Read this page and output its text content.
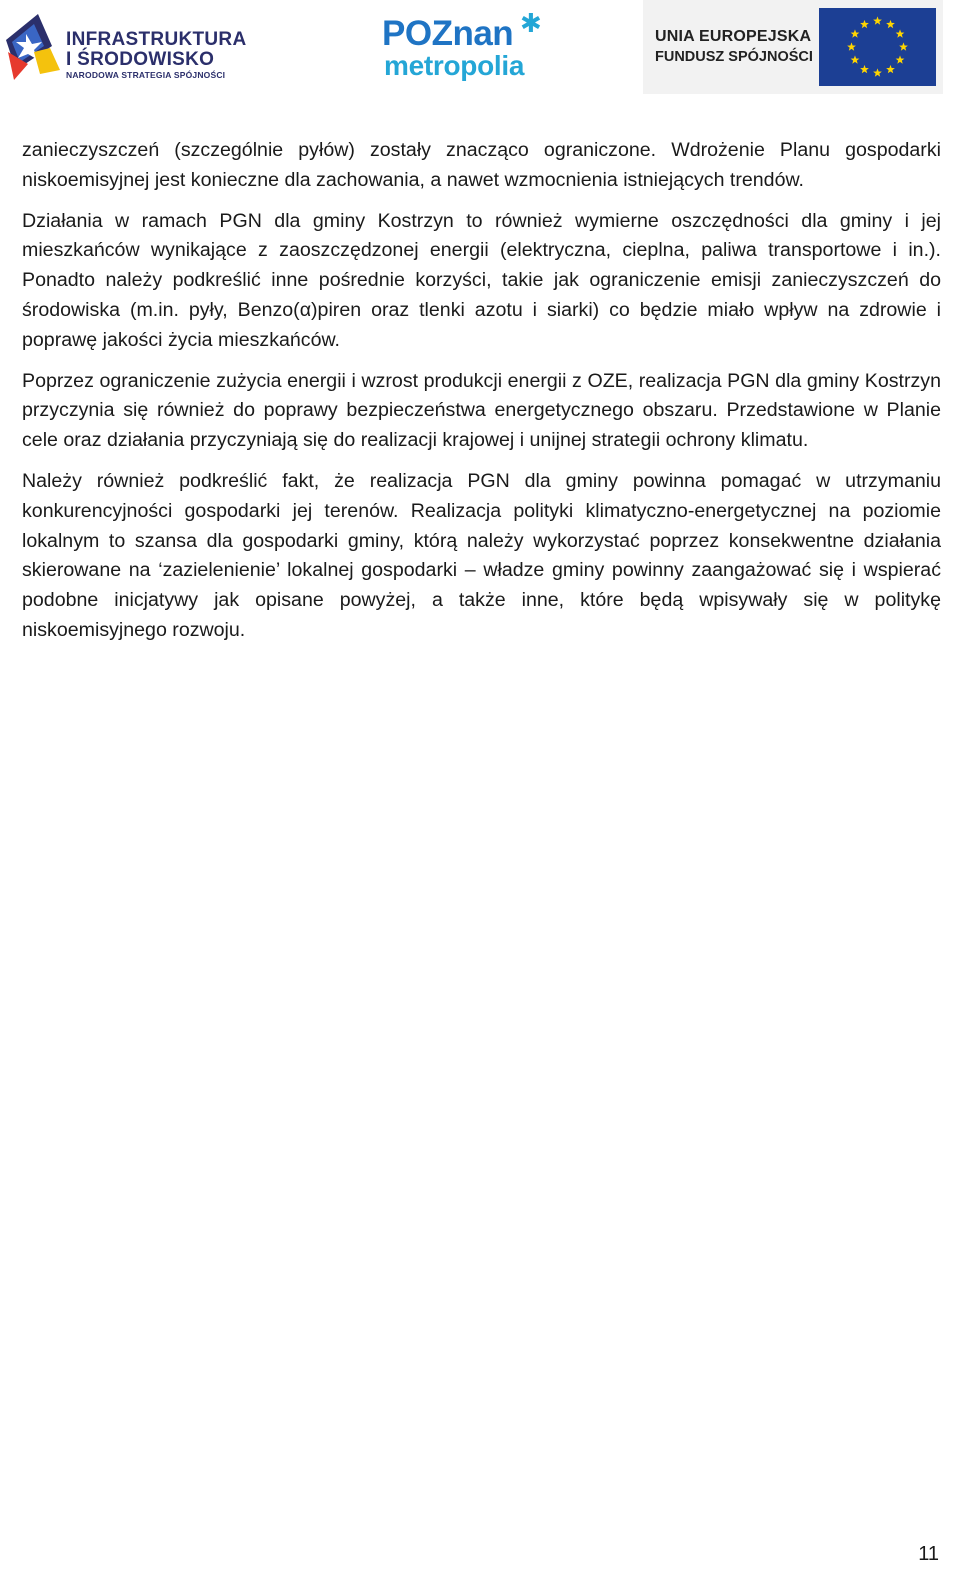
INFRASTRUKTURA
I ŚRODOWISKO
NARODOWA STRATEGIA SPÓJNOŚCI
POZnan ✱
metropolia
UNIA EUROPEJSKA
FUNDUSZ SPÓJNOŚCI

zanieczyszczeń (szczególnie pyłów) zostały znacząco ograniczone. Wdrożenie Planu gospodarki niskoemisyjnej jest konieczne dla zachowania, a nawet wzmocnienia istniejących trendów.

Działania w ramach PGN dla gminy Kostrzyn to również wymierne oszczędności dla gminy i jej mieszkańców wynikające z zaoszczędzonej energii (elektryczna, cieplna, paliwa transportowe i in.). Ponadto należy podkreślić inne pośrednie korzyści, takie jak ograniczenie emisji zanieczyszczeń do środowiska (m.in. pyły, Benzo(α)piren oraz tlenki azotu i siarki) co będzie miało wpływ na zdrowie i poprawę jakości życia mieszkańców.

Poprzez ograniczenie zużycia energii i wzrost produkcji energii z OZE, realizacja PGN dla gminy Kostrzyn przyczynia się również do poprawy bezpieczeństwa energetycznego obszaru. Przedstawione w Planie cele oraz działania przyczyniają się do realizacji krajowej i unijnej strategii ochrony klimatu.

Należy również podkreślić fakt, że realizacja PGN dla gminy powinna pomagać w utrzymaniu konkurencyjności gospodarki jej terenów. Realizacja polityki klimatyczno-energetycznej na poziomie lokalnym to szansa dla gospodarki gminy, którą należy wykorzystać poprzez konsekwentne działania skierowane na ‘zazielenienie’ lokalnej gospodarki – władze gminy powinny zaangażować się i wspierać podobne inicjatywy jak opisane powyżej, a także inne, które będą wpisywały się w politykę niskoemisyjnego rozwoju.

11
